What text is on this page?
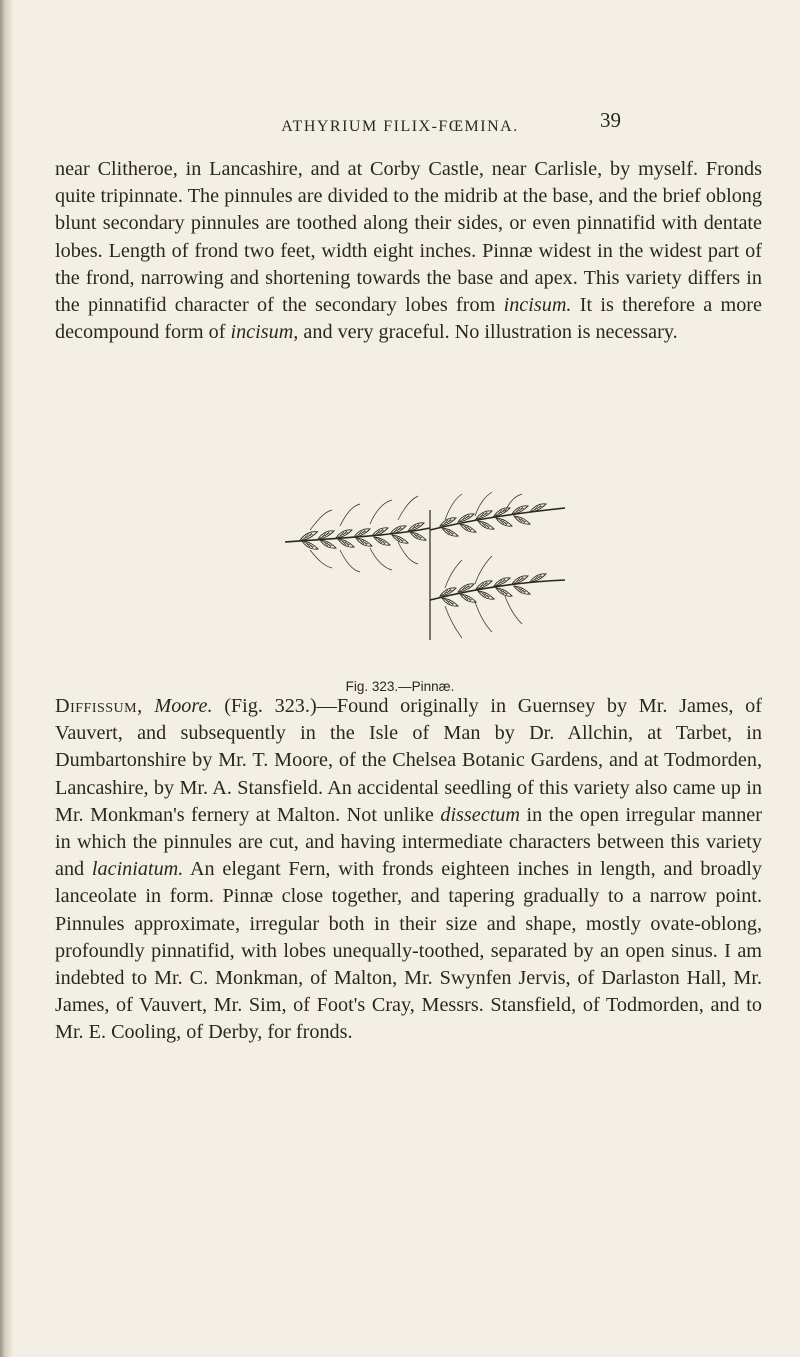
ATHYRIUM FILIX-FŒMINA.	39

near Clitheroe, in Lancashire, and at Corby Castle, near Carlisle, by myself. Fronds quite tripinnate. The pinnules are divided to the midrib at the base, and the brief oblong blunt secondary pinnules are toothed along their sides, or even pinnatifid with dentate lobes. Length of frond two feet, width eight inches. Pinnæ widest in the widest part of the frond, narrowing and shortening towards the base and apex. This variety differs in the pinnatifid character of the secondary lobes from incisum. It is therefore a more decompound form of incisum, and very graceful. No illustration is necessary.

Fig. 323.—Pinnæ.

Diffissum, Moore. (Fig. 323.)—Found originally in Guernsey by Mr. James, of Vauvert, and subsequently in the Isle of Man by Dr. Allchin, at Tarbet, in Dumbartonshire by Mr. T. Moore, of the Chelsea Botanic Gardens, and at Todmorden, Lancashire, by Mr. A. Stansfield. An accidental seedling of this variety also came up in Mr. Monkman's fernery at Malton. Not unlike dissectum in the open irregular manner in which the pinnules are cut, and having intermediate characters between this variety and laciniatum. An elegant Fern, with fronds eighteen inches in length, and broadly lanceolate in form. Pinnæ close together, and tapering gradually to a narrow point. Pinnules approximate, irregular both in their size and shape, mostly ovate-oblong, profoundly pinnatifid, with lobes unequally-toothed, separated by an open sinus. I am indebted to Mr. C. Monkman, of Malton, Mr. Swynfen Jervis, of Darlaston Hall, Mr. James, of Vauvert, Mr. Sim, of Foot's Cray, Messrs. Stansfield, of Todmorden, and to Mr. E. Cooling, of Derby, for fronds.
